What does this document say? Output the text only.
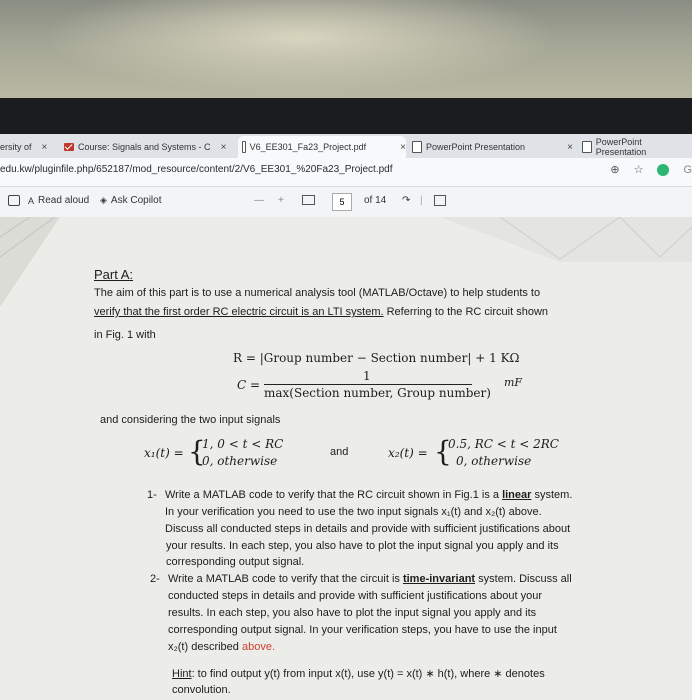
ersity of ×	Course: Signals and Systems - C ×	V6_EE301_Fa23_Project.pdf	× PowerPoint Presentation	×	PowerPoint Presentation
edu.kw/pluginfile.php/652187/mod_resource/content/2/V6_EE301_%20Fa23_Project.pdf	⊕ ☆	G
A Read aloud ◈ Ask Copilot	— +	5	of 14 ↷ |
Part A:
The aim of this part is to use a numerical analysis tool (MATLAB/Octave) to help students to
verify that the first order RC electric circuit is an LTI system. Referring to the RC circuit shown
in Fig. 1 with
R = |Group number − Section number| + 1 KΩ
C =
1
max(Section number, Group number)
mF
and considering the two input signals
x₁(t) = {
1, 0 < t < RC
0, otherwise
and	x₂(t) = {
0.5, RC < t < 2RC
0, otherwise
1- Write a MATLAB code to verify that the RC circuit shown in Fig.1 is a linear system.
In your verification you need to use the two input signals x₁(t) and x₂(t) above.
Discuss all conducted steps in details and provide with sufficient justifications about
your results. In each step, you also have to plot the input signal you apply and its
corresponding output signal.
2- Write a MATLAB code to verify that the circuit is time-invariant system. Discuss all
conducted steps in details and provide with sufficient justifications about your
results. In each step, you also have to plot the input signal you apply and its
corresponding output signal. In your verification steps, you have to use the input
x₂(t) described above.
Hint: to find output y(t) from input x(t), use y(t) = x(t) ∗ h(t), where ∗ denotes
convolution.
